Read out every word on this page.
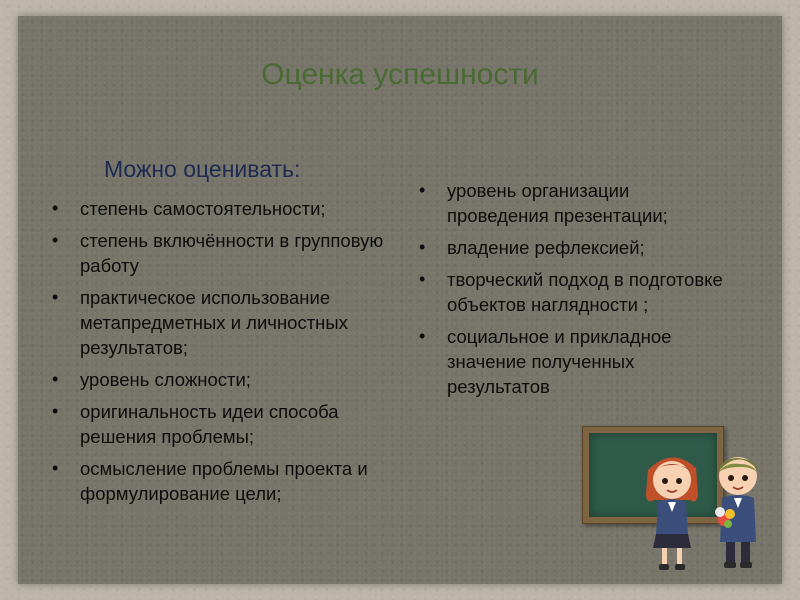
Оценка успешности
Можно оценивать:
• степень самостоятельности;
• степень включённости в групповую работу
• практическое использование метапредметных и личностных результатов;
• уровень сложности;
• оригинальность идеи способа решения проблемы;
• осмысление проблемы проекта и формулирование цели;
• уровень организации проведения презентации;
• владение рефлексией;
• творческий подход в подготовке объектов наглядности ;
• социальное и прикладное значение полученных результатов
